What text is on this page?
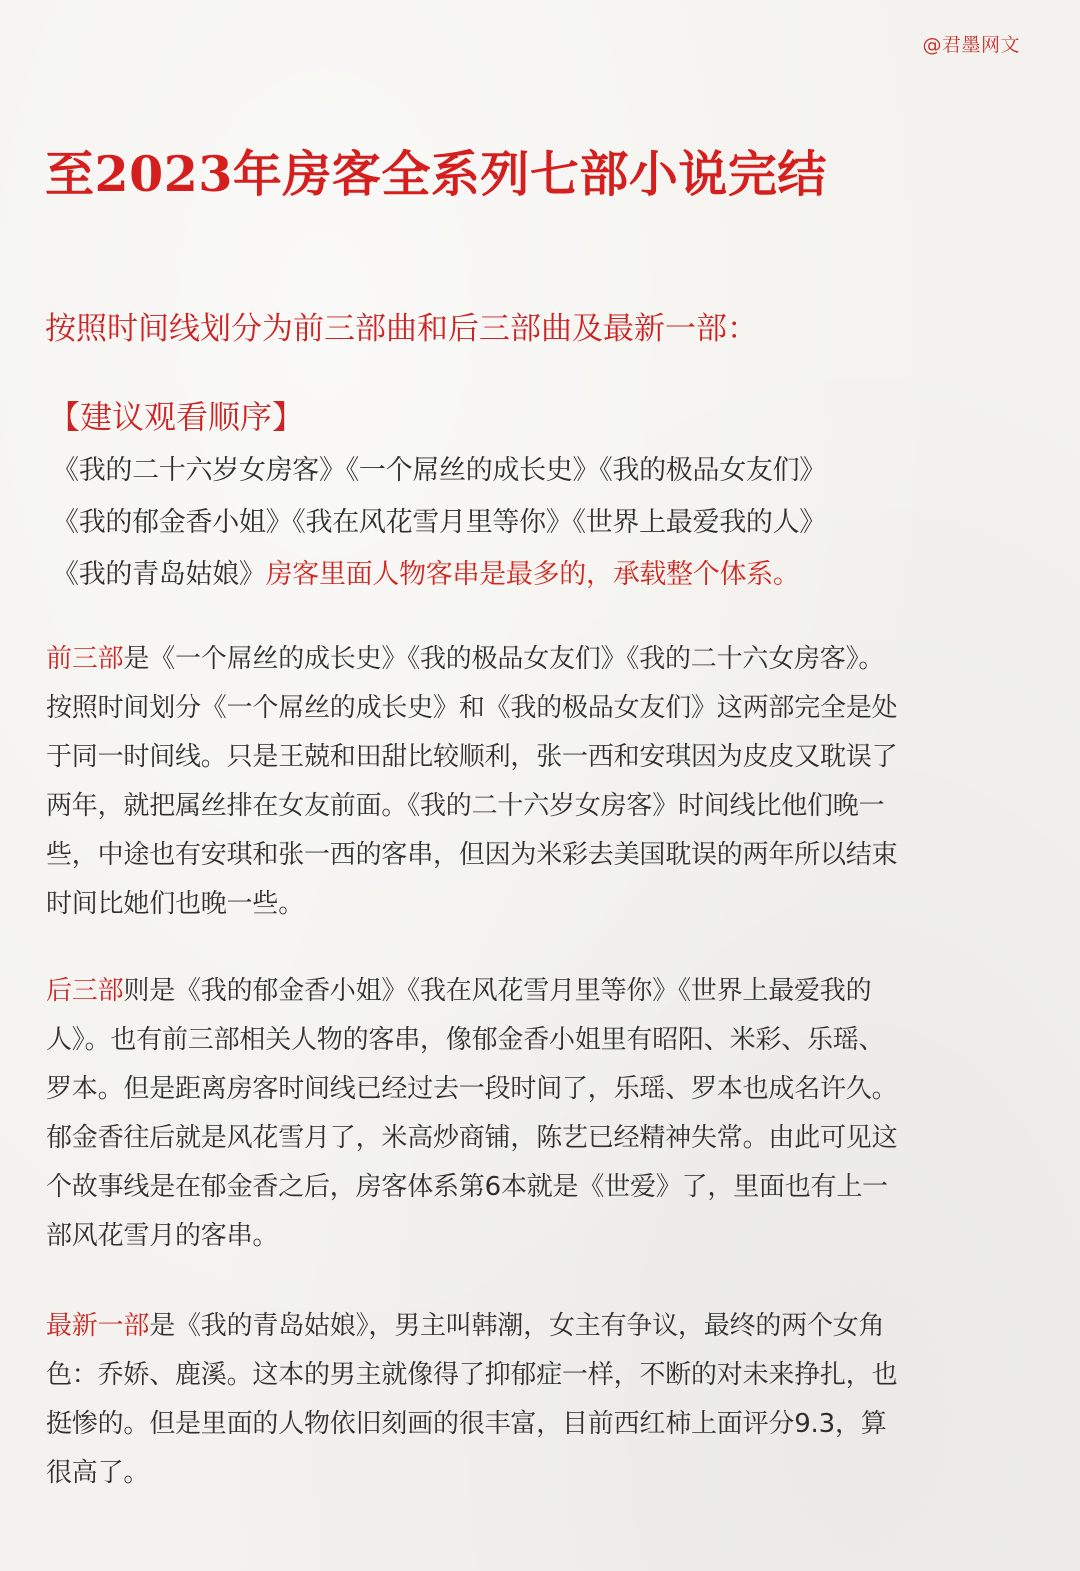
@君墨网文
至2023年房客全系列七部小说完结
按照时间线划分为前三部曲和后三部曲及最新一部：
【建议观看顺序】
《我的二十六岁女房客》《一个屌丝的成长史》《我的极品女友们》
《我的郁金香小姐》《我在风花雪月里等你》《世界上最爱我的人》
《我的青岛姑娘》房客里面人物客串是最多的，承载整个体系。

前三部是《一个屌丝的成长史》《我的极品女友们》《我的二十六女房客》。按照时间划分《一个屌丝的成长史》和《我的极品女友们》这两部完全是处于同一时间线。只是王兢和田甜比较顺利，张一西和安琪因为皮皮又耽误了两年，就把属丝排在女友前面。《我的二十六岁女房客》时间线比他们晚一些，中途也有安琪和张一西的客串，但因为米彩去美国耽误的两年所以结束时间比她们也晚一些。

后三部则是《我的郁金香小姐》《我在风花雪月里等你》《世界上最爱我的人》。也有前三部相关人物的客串，像郁金香小姐里有昭阳、米彩、乐瑶、罗本。但是距离房客时间线已经过去一段时间了，乐瑶、罗本也成名许久。郁金香往后就是风花雪月了，米高炒商铺，陈艺已经精神失常。由此可见这个故事线是在郁金香之后，房客体系第6本就是《世爱》了，里面也有上一部风花雪月的客串。

最新一部是《我的青岛姑娘》，男主叫韩潮，女主有争议，最终的两个女角色：乔娇、鹿溪。这本的男主就像得了抑郁症一样，不断的对未来挣扎，也挺惨的。但是里面的人物依旧刻画的很丰富，目前西红柿上面评分9.3，算很高了。
